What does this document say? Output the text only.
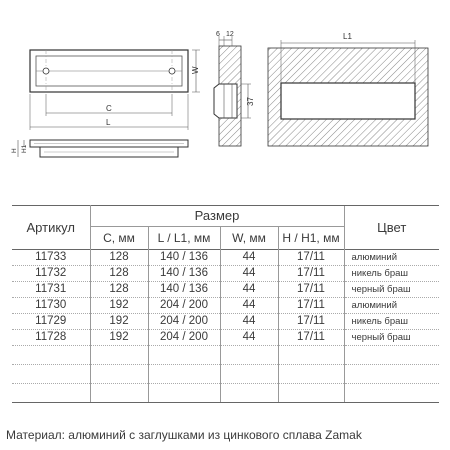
W
C
L
H1
H
37
6 12	L1
Артикул	Размер				Цвет
	C, мм	L / L1, мм	W, мм	H / H1, мм	
11733	128	140 / 136	44	17/11	алюминий
11732	128	140 / 136	44	17/11	никель браш
11731	128	140 / 136	44	17/11	черный браш
11730	192	204 / 200	44	17/11	алюминий
11729	192	204 / 200	44	17/11	никель браш
11728	192	204 / 200	44	17/11	черный браш

Материал: алюминий с заглушками из цинкового сплава Zamak
